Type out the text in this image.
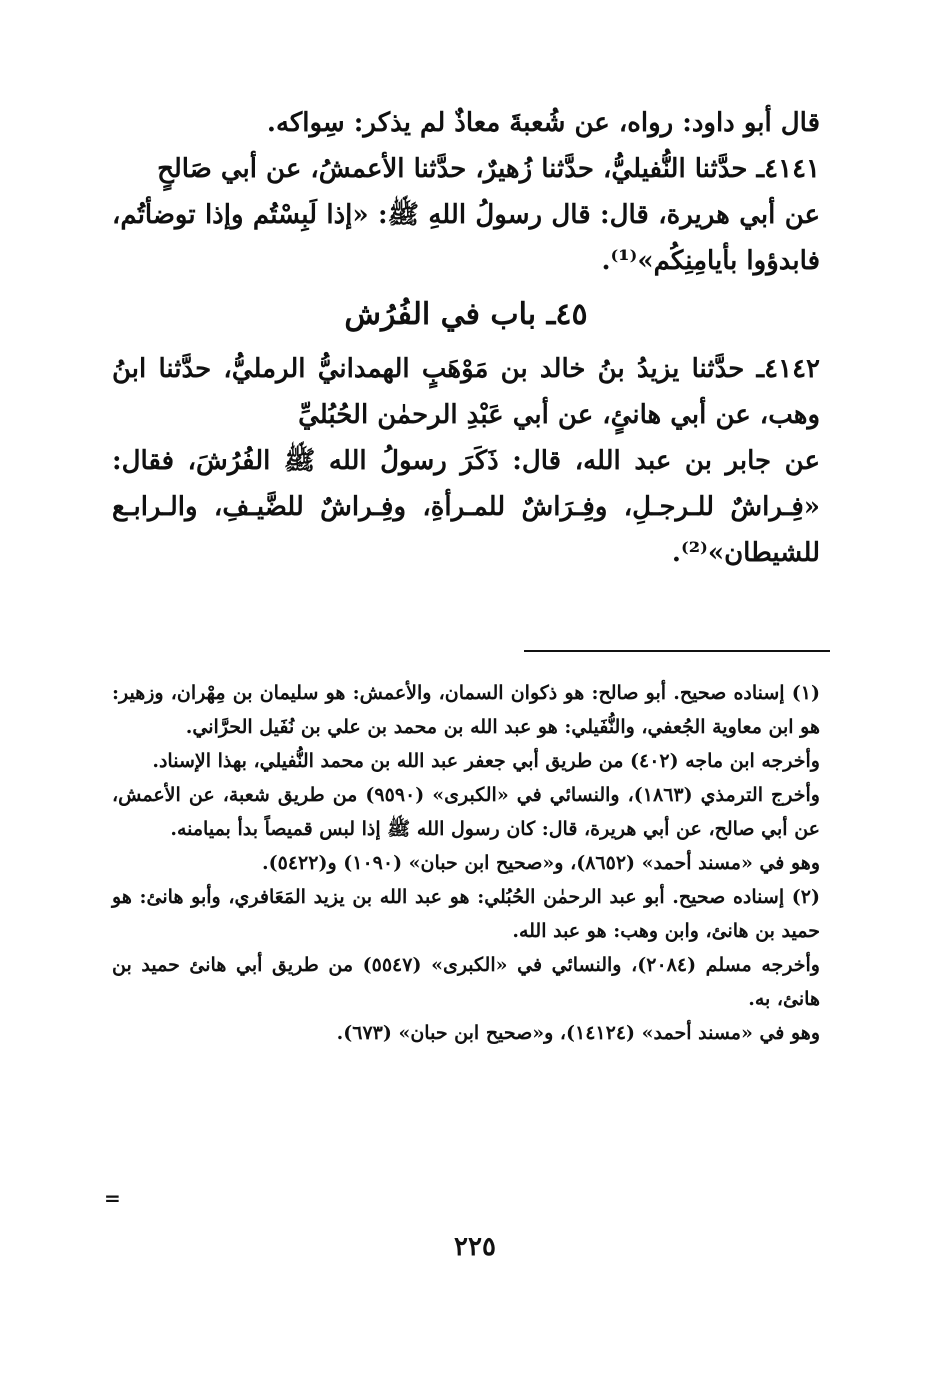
قال أبو داود: رواه، عن شُعبةَ معاذٌ لم يذكر: سِواكه.

٤١٤١ـ حدَّثنا النُّفيليُّ، حدَّثنا زُهيرٌ، حدَّثنا الأعمشُ، عن أبي صَالحٍ

عن أبي هريرة، قال: قال رسولُ اللهِ ﷺ: «إذا لَبِسْتُم وإذا توضأتُم، فابدؤوا بأيامِنِكُم»⁽¹⁾.

٤٥ـ باب في الفُرُش

٤١٤٢ـ حدَّثنا يزيدُ بنُ خالد بن مَوْهَبٍ الهمدانيُّ الرمليُّ، حدَّثنا ابنُ وهب، عن أبي هانئٍ، عن أبي عَبْدِ الرحمٰن الحُبُليِّ

عن جابر بن عبد الله، قال: ذَكَرَ رسولُ الله ﷺ الفُرُشَ، فقال: «فِـراشٌ للـرجـلِ، وفِـرَاشٌ للمـرأةِ، وفِـراشٌ للضَّيـفِ، والـرابـع للشيطان»⁽²⁾.

(١) إسناده صحيح. أبو صالح: هو ذكوان السمان، والأعمش: هو سليمان بن مِهْران، وزهير: هو ابن معاوية الجُعفي، والنُّفَيلي: هو عبد الله بن محمد بن علي بن نُفَيل الحرَّاني.

وأخرجه ابن ماجه (٤٠٢) من طريق أبي جعفر عبد الله بن محمد النُّفيلي، بهذا الإسناد.

وأخرج الترمذي (١٨٦٣)، والنسائي في «الكبرى» (٩٥٩٠) من طريق شعبة، عن الأعمش، عن أبي صالح، عن أبي هريرة، قال: كان رسول الله ﷺ إذا لبس قميصاً بدأ بميامنه.

وهو في «مسند أحمد» (٨٦٥٢)، و«صحيح ابن حبان» (١٠٩٠) و(٥٤٢٢).

(٢) إسناده صحيح. أبو عبد الرحمٰن الحُبُلي: هو عبد الله بن يزيد المَعَافري، وأبو هانئ: هو حميد بن هانئ، وابن وهب: هو عبد الله.

وأخرجه مسلم (٢٠٨٤)، والنسائي في «الكبرى» (٥٥٤٧) من طريق أبي هانئ حميد بن هانئ، به.

وهو في «مسند أحمد» (١٤١٢٤)، و«صحيح ابن حبان» (٦٧٣).

=
٢٢٥
